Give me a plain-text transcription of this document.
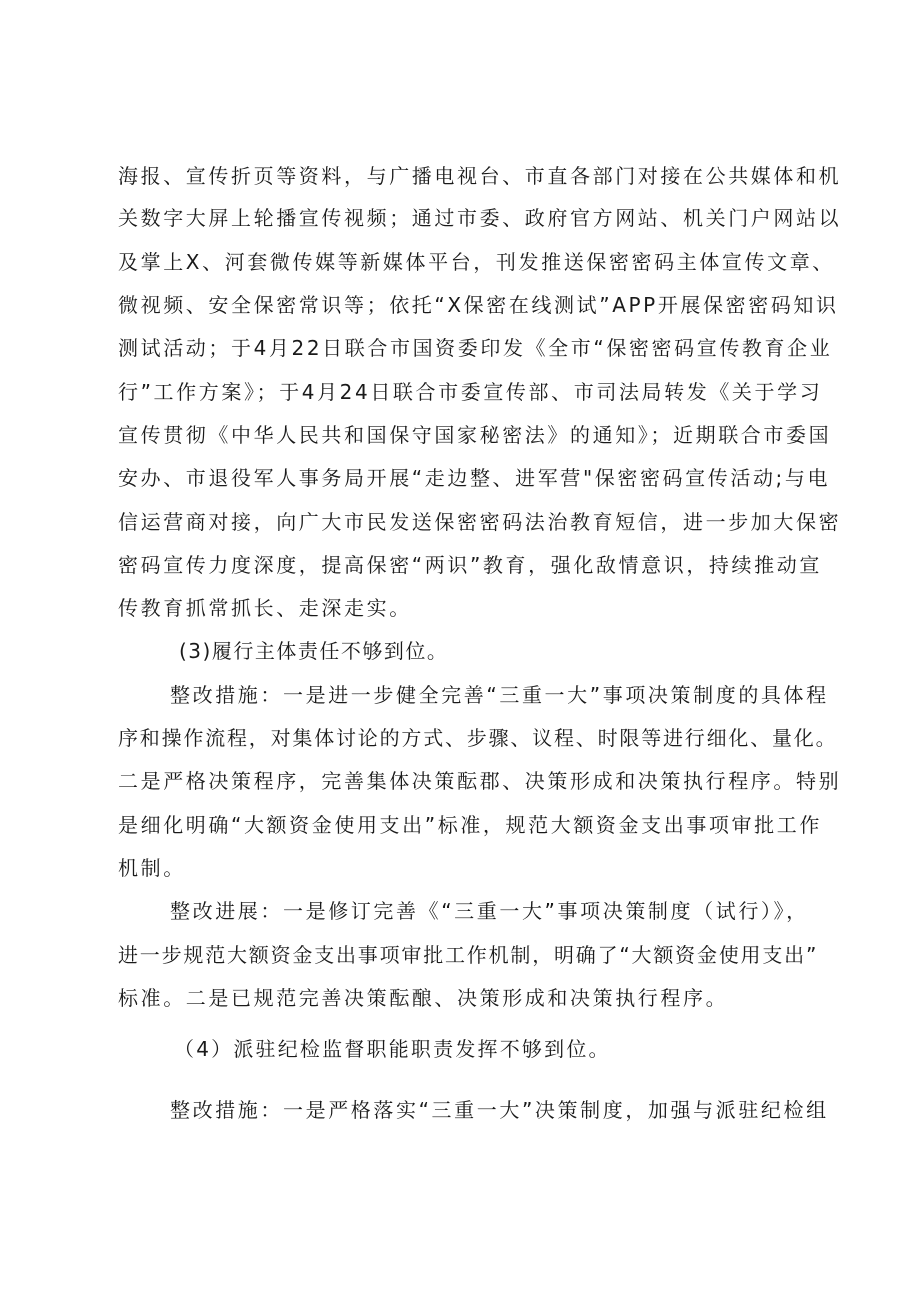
海报、宣传折页等资料，与广播电视台、市直各部门对接在公共媒体和机
关数字大屏上轮播宣传视频；通过市委、政府官方网站、机关门户网站以
及掌上X、河套微传媒等新媒体平台，刊发推送保密密码主体宣传文章、
微视频、安全保密常识等；依托“X保密在线测试”APP开展保密密码知识
测试活动；于4月22日联合市国资委印发《全市“保密密码宣传教育企业
行”工作方案》；于4月24日联合市委宣传部、市司法局转发《关于学习
宣传贯彻《中华人民共和国保守国家秘密法》的通知》；近期联合市委国
安办、市退役军人事务局开展“走边整、进军营"保密密码宣传活动;与电
信运营商对接，向广大市民发送保密密码法治教育短信，进一步加大保密
密码宣传力度深度，提高保密“两识”教育，强化敌情意识，持续推动宣
传教育抓常抓长、走深走实。
(3)履行主体责任不够到位。
整改措施：一是进一步健全完善“三重一大”事项决策制度的具体程
序和操作流程，对集体讨论的方式、步骤、议程、时限等进行细化、量化。
二是严格决策程序，完善集体决策酝郡、决策形成和决策执行程序。特别
是细化明确“大额资金使用支出”标准，规范大额资金支出事项审批工作
机制。
整改进展：一是修订完善《“三重一大”事项决策制度（试行）》，
进一步规范大额资金支出事项审批工作机制，明确了“大额资金使用支出”
标准。二是已规范完善决策酝酿、决策形成和决策执行程序。
（4）派驻纪检监督职能职责发挥不够到位。
整改措施：一是严格落实“三重一大”决策制度，加强与派驻纪检组
